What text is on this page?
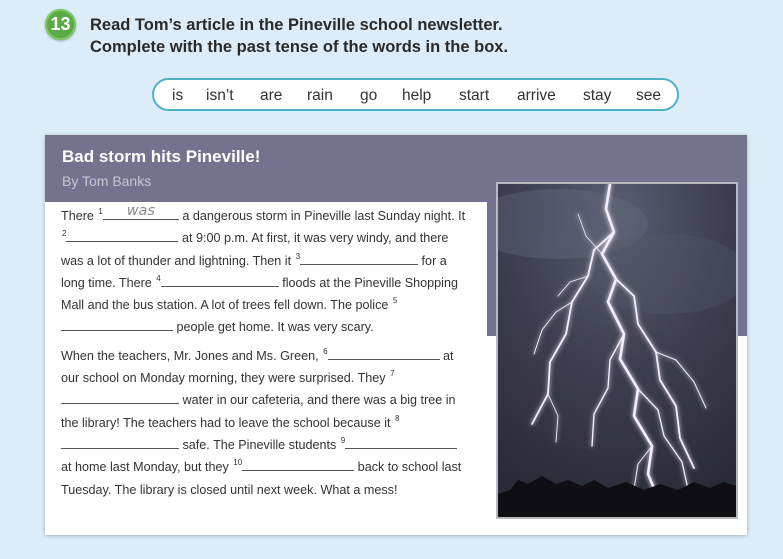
13	Read Tom’s article in the Pineville school newsletter.
Complete with the past tense of the words in the box.
is isn’t are rain go help start arrive stay see
Bad storm hits Pineville!
By Tom Banks

There $^1$ was a dangerous storm in Pineville last Sunday night. It $^2$	at 9:00 p.m. At first, it was very windy, and there was a lot of thunder and lightning. Then it $^3$	for a long time. There $^4$	floods at the Pineville Shopping Mall and the bus station. A lot of trees fell down. The police $^5$ people get home. It was very scary.

When the teachers, Mr. Jones and Ms. Green, $^6$	at our school on Monday morning, they were surprised. They $^7$ water in our cafeteria, and there was a big tree in the library! The teachers had to leave the school because it $^8$ safe. The Pineville students $^9$ at home last Monday, but they $^{10}$	back to school last Tuesday. The library is closed until next week. What a mess!
